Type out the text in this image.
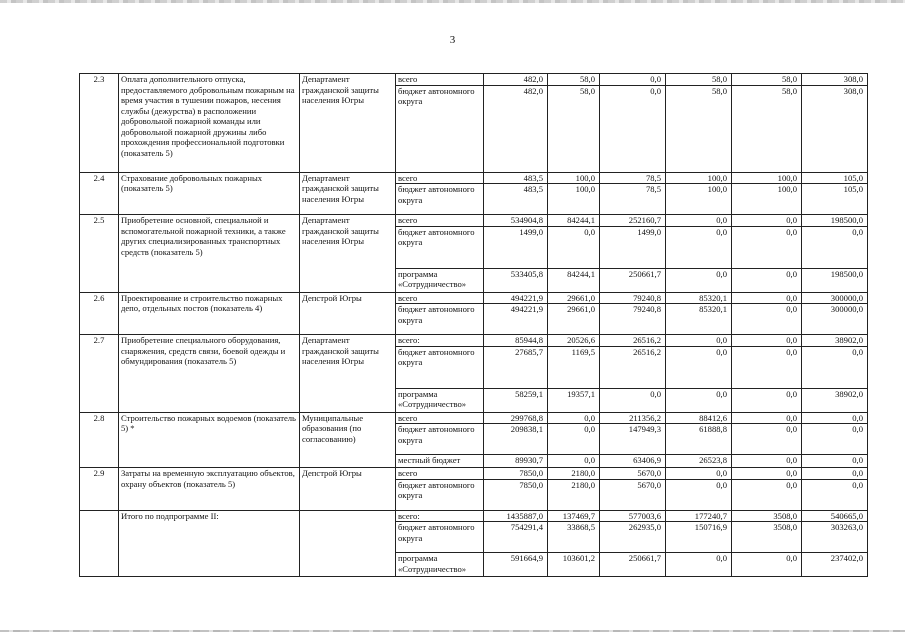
3
2.3	Оплата дополнительного отпуска, предоставляемого добровольным пожарным на время участия в тушении пожаров, несения службы (дежурства) в расположении добровольной пожарной команды или добровольной пожарной дружины либо прохождения профессиональной подготовки (показатель 5)	Департамент гражданской защиты населения Югры	всего	482,0	58,0	0,0	58,0	58,0	308,0
			бюджет автономного округа	482,0	58,0	0,0	58,0	58,0	308,0
2.4	Страхование добровольных пожарных (показатель 5)	Департамент гражданской защиты населения Югры	всего	483,5	100,0	78,5	100,0	100,0	105,0
			бюджет автономного округа	483,5	100,0	78,5	100,0	100,0	105,0
2.5	Приобретение основной, специальной и вспомогательной пожарной техники, а также других специализированных транспортных средств (показатель 5)	Департамент гражданской защиты населения Югры	всего	534904,8	84244,1	252160,7	0,0	0,0	198500,0
			бюджет автономного округа	1499,0	0,0	1499,0	0,0	0,0	0,0
			программа «Сотрудничество»	533405,8	84244,1	250661,7	0,0	0,0	198500,0
2.6	Проектирование и строительство пожарных депо, отдельных постов (показатель 4)	Депстрой Югры	всего	494221,9	29661,0	79240,8	85320,1	0,0	300000,0
			бюджет автономного округа	494221,9	29661,0	79240,8	85320,1	0,0	300000,0
2.7	Приобретение специального оборудования, снаряжения, средств связи, боевой одежды и обмундирования (показатель 5)	Департамент гражданской защиты населения Югры	всего:	85944,8	20526,6	26516,2	0,0	0,0	38902,0
			бюджет автономного округа	27685,7	1169,5	26516,2	0,0	0,0	0,0
			программа «Сотрудничество»	58259,1	19357,1	0,0	0,0	0,0	38902,0
2.8	Строительство пожарных водоемов (показатель 5) *	Муниципальные образования (по согласованию)	всего	299768,8	0,0	211356,2	88412,6	0,0	0,0
			бюджет автономного округа	209838,1	0,0	147949,3	61888,8	0,0	0,0
			местный бюджет	89930,7	0,0	63406,9	26523,8	0,0	0,0
2.9	Затраты на временную эксплуатацию объектов, охрану объектов (показатель 5)	Депстрой Югры	всего	7850,0	2180,0	5670,0	0,0	0,0	0,0
			бюджет автономного округа	7850,0	2180,0	5670,0	0,0	0,0	0,0
	Итого по подпрограмме II:		всего:	1435887,0	137469,7	577003,6	177240,7	3508,0	540665,0
			бюджет автономного округа	754291,4	33868,5	262935,0	150716,9	3508,0	303263,0
			программа «Сотрудничество»	591664,9	103601,2	250661,7	0,0	0,0	237402,0
